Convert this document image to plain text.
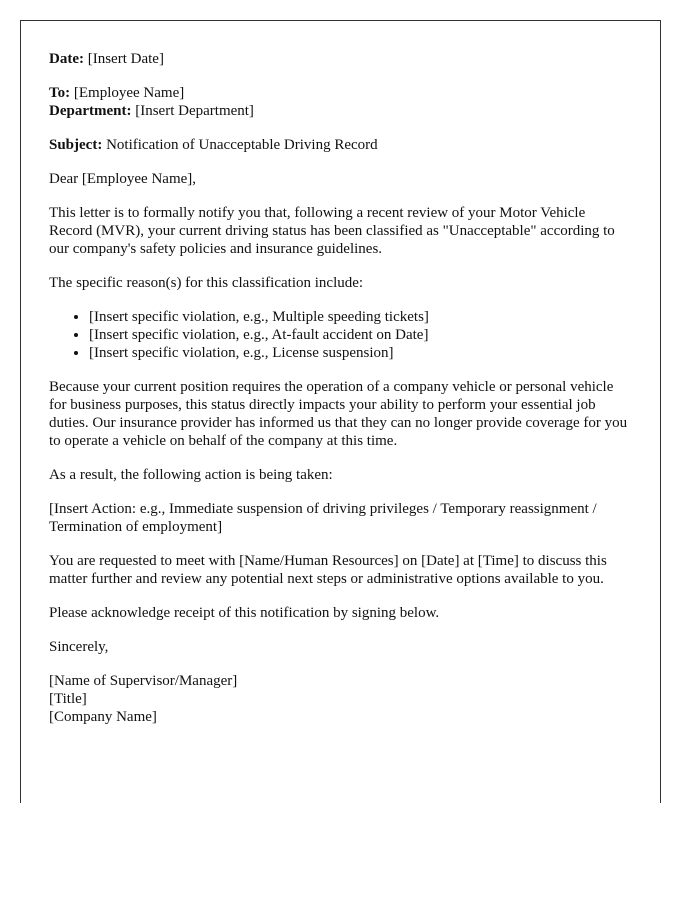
Date: [Insert Date]

To: [Employee Name]
Department: [Insert Department]

Subject: Notification of Unacceptable Driving Record

Dear [Employee Name],

This letter is to formally notify you that, following a recent review of your Motor Vehicle Record (MVR), your current driving status has been classified as "Unacceptable" according to our company's safety policies and insurance guidelines.

The specific reason(s) for this classification include:

• [Insert specific violation, e.g., Multiple speeding tickets]
• [Insert specific violation, e.g., At-fault accident on Date]
• [Insert specific violation, e.g., License suspension]

Because your current position requires the operation of a company vehicle or personal vehicle for business purposes, this status directly impacts your ability to perform your essential job duties. Our insurance provider has informed us that they can no longer provide coverage for you to operate a vehicle on behalf of the company at this time.

As a result, the following action is being taken:

[Insert Action: e.g., Immediate suspension of driving privileges / Temporary reassignment / Termination of employment]

You are requested to meet with [Name/Human Resources] on [Date] at [Time] to discuss this matter further and review any potential next steps or administrative options available to you.

Please acknowledge receipt of this notification by signing below.

Sincerely,

[Name of Supervisor/Manager]
[Title]
[Company Name]
